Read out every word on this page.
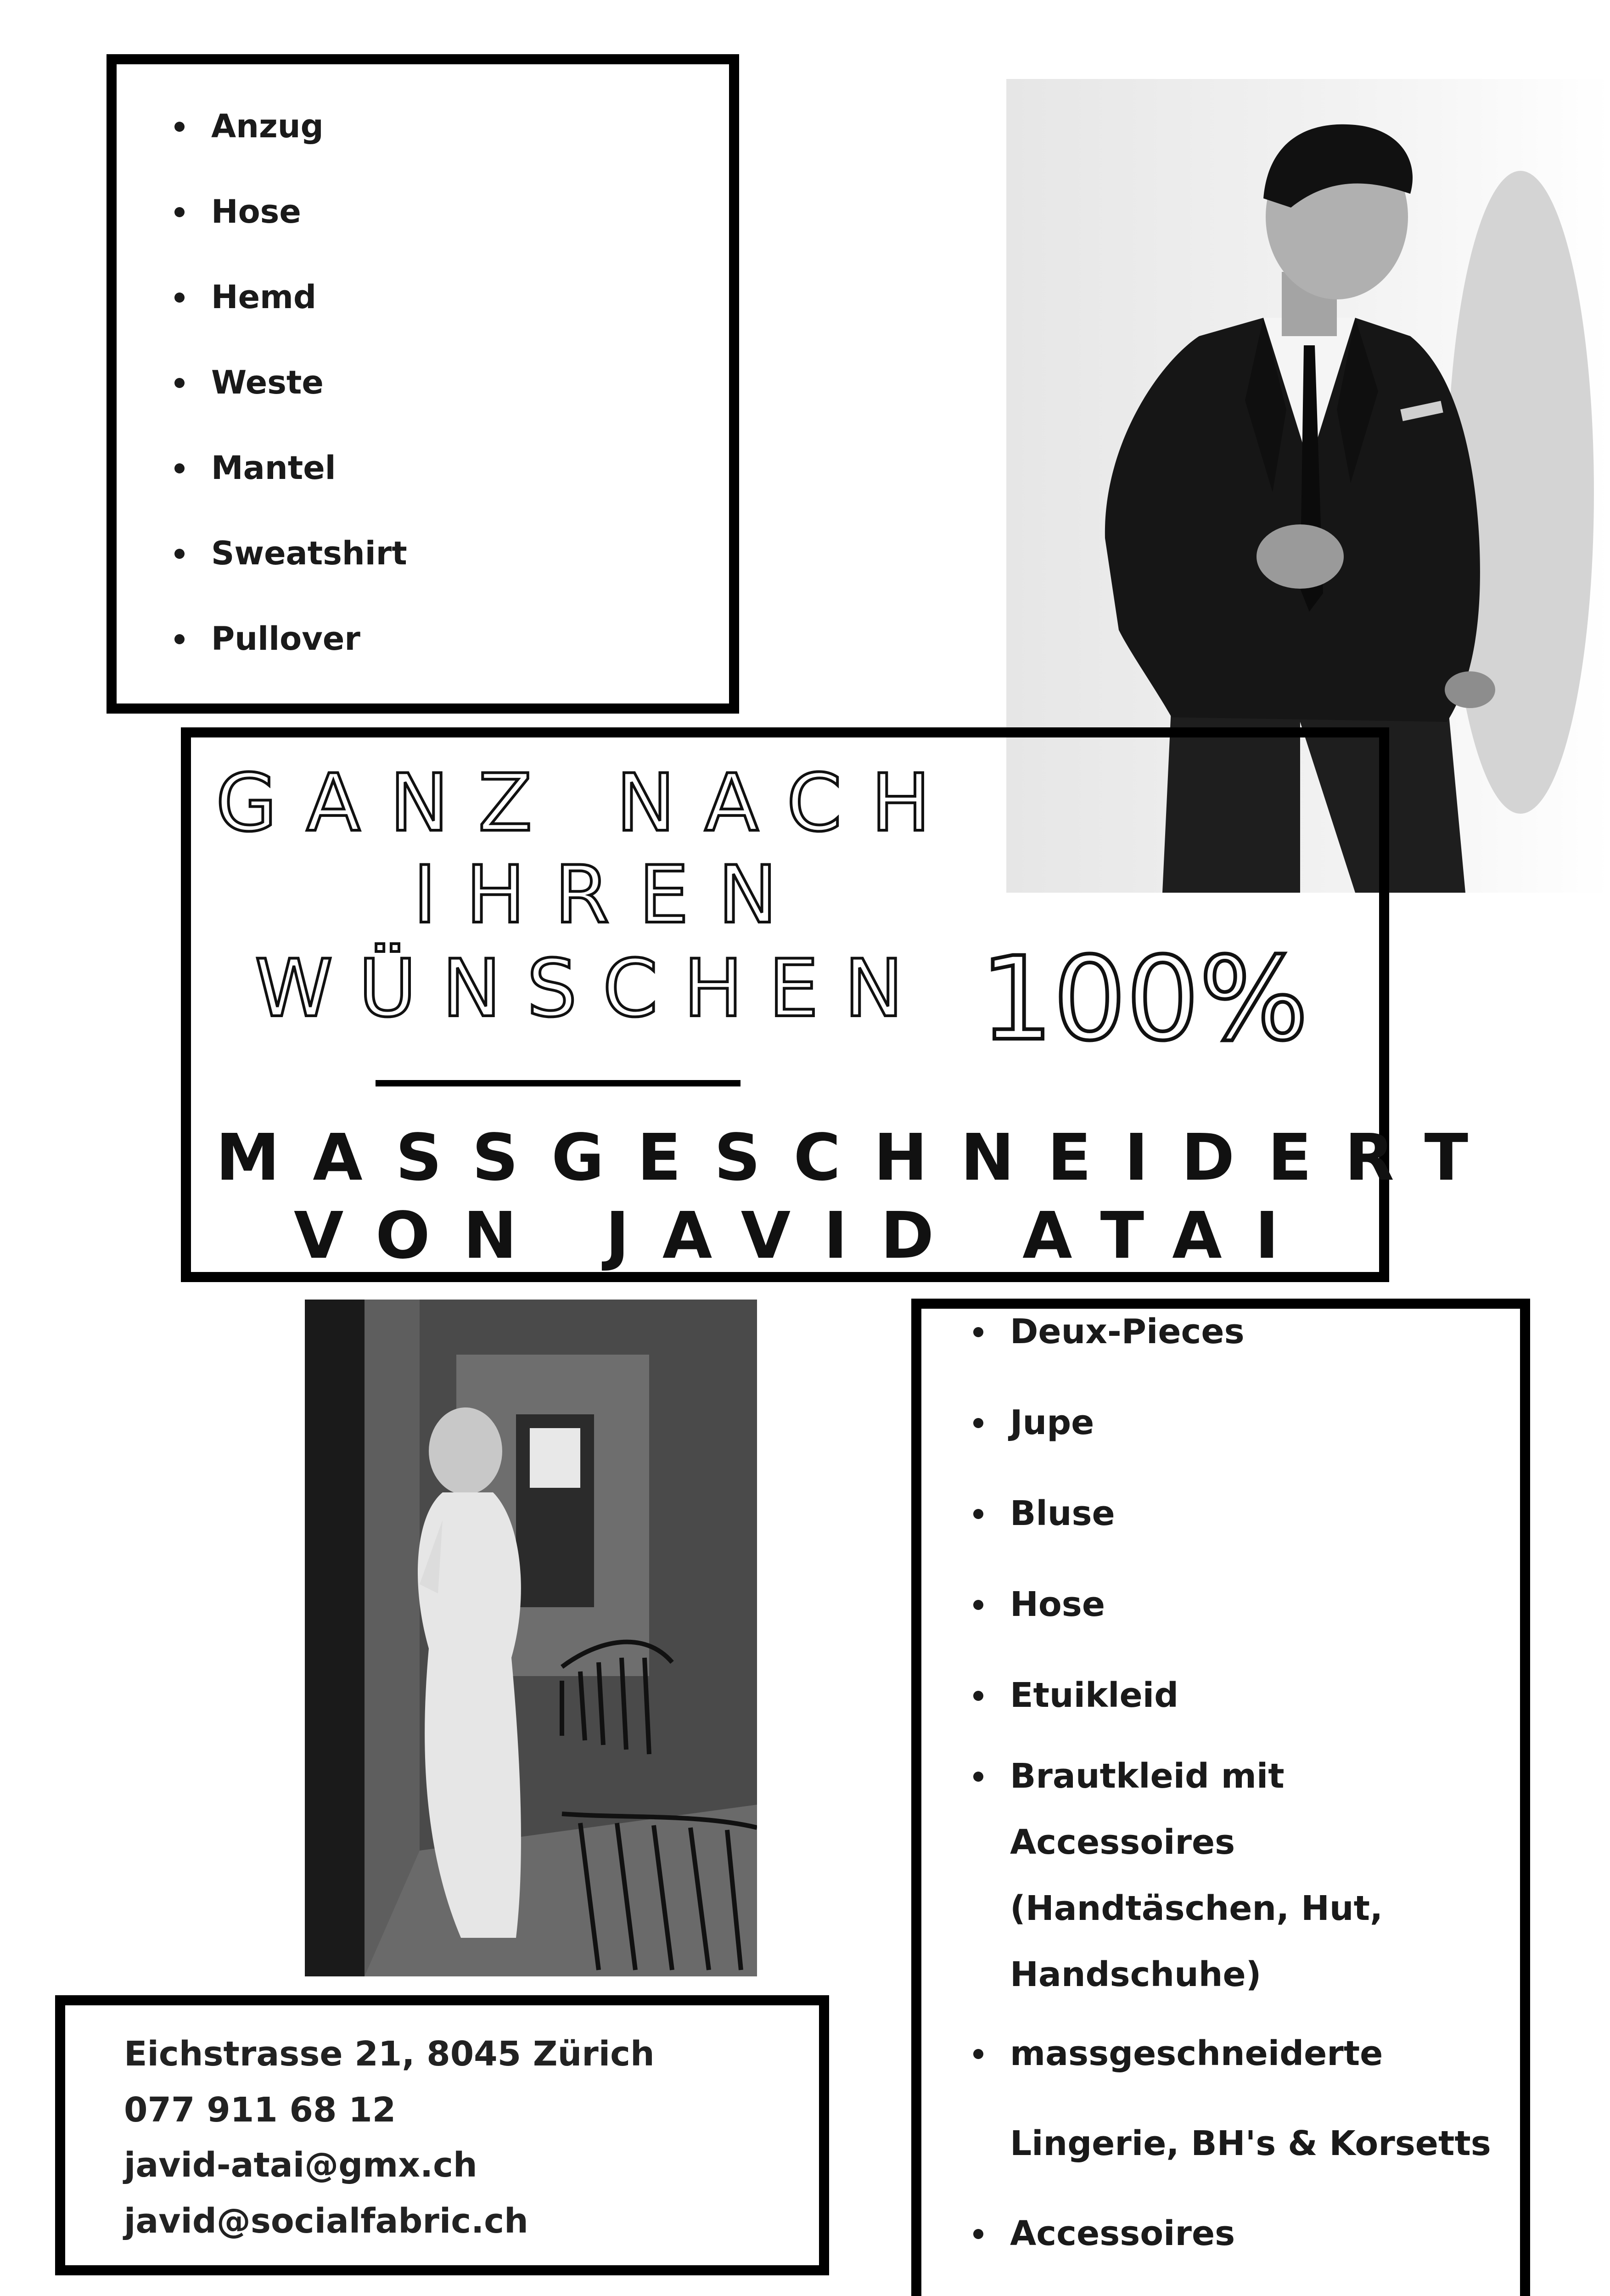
Anzug
Hose
Hemd
Weste
Mantel
Sweatshirt
Pullover
GANZ NACH
IHREN
WÜNSCHEN 100%
MASSGESCHNEIDERT
VON JAVID ATAI
Deux-Pieces
Jupe
Bluse
Hose
Etuikleid
Brautkleid mit
Accessoires
(Handtäschen, Hut,
Handschuhe)
massgeschneiderte
Lingerie, BH's & Korsetts
Accessoires
Eichstrasse 21, 8045 Zürich
077 911 68 12
javid-atai@gmx.ch
javid@socialfabric.ch
